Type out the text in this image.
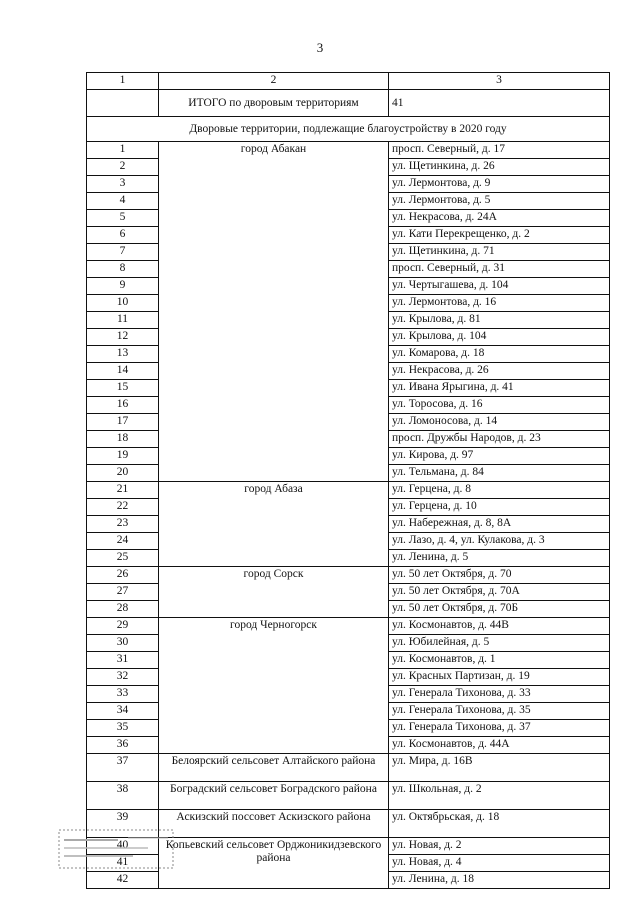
3
1	2	3
	ИТОГО по дворовым территориям	41
Дворовые территории, подлежащие благоустройству в 2020 году		
1	город Абакан	просп. Северный, д. 17
2		ул. Щетинкина, д. 26
3		ул. Лермонтова, д. 9
4		ул. Лермонтова, д. 5
5		ул. Некрасова, д. 24А
6		ул. Кати Перекрещенко, д. 2
7		ул. Щетинкина, д. 71
8		просп. Северный, д. 31
9		ул. Чертыгашева, д. 104
10		ул. Лермонтова, д. 16
11		ул. Крылова, д. 81
12		ул. Крылова, д. 104
13		ул. Комарова, д. 18
14		ул. Некрасова, д. 26
15		ул. Ивана Ярыгина, д. 41
16		ул. Торосова, д. 16
17		ул. Ломоносова, д. 14
18		просп. Дружбы Народов, д. 23
19		ул. Кирова, д. 97
20		ул. Тельмана, д. 84
21	город Абаза	ул. Герцена, д. 8
22		ул. Герцена, д. 10
23		ул. Набережная, д. 8, 8А
24		ул. Лазо, д. 4, ул. Кулакова, д. 3
25		ул. Ленина, д. 5
26	город Сорск	ул. 50 лет Октября, д. 70
27		ул. 50 лет Октября, д. 70А
28		ул. 50 лет Октября, д. 70Б
29	город Черногорск	ул. Космонавтов, д. 44В
30		ул. Юбилейная, д. 5
31		ул. Космонавтов, д. 1
32		ул. Красных Партизан, д. 19
33		ул. Генерала Тихонова, д. 33
34		ул. Генерала Тихонова, д. 35
35		ул. Генерала Тихонова, д. 37
36		ул. Космонавтов, д. 44А
37	Белоярский сельсовет Алтайского района	ул. Мира, д. 16В
38	Боградский сельсовет Боградского района	ул. Школьная, д. 2
39	Аскизский поссовет Аскизского района	ул. Октябрьская, д. 18
40	Копьевский сельсовет Орджоникидзевского района	ул. Новая, д. 2
41		ул. Новая, д. 4
42		ул. Ленина, д. 18
